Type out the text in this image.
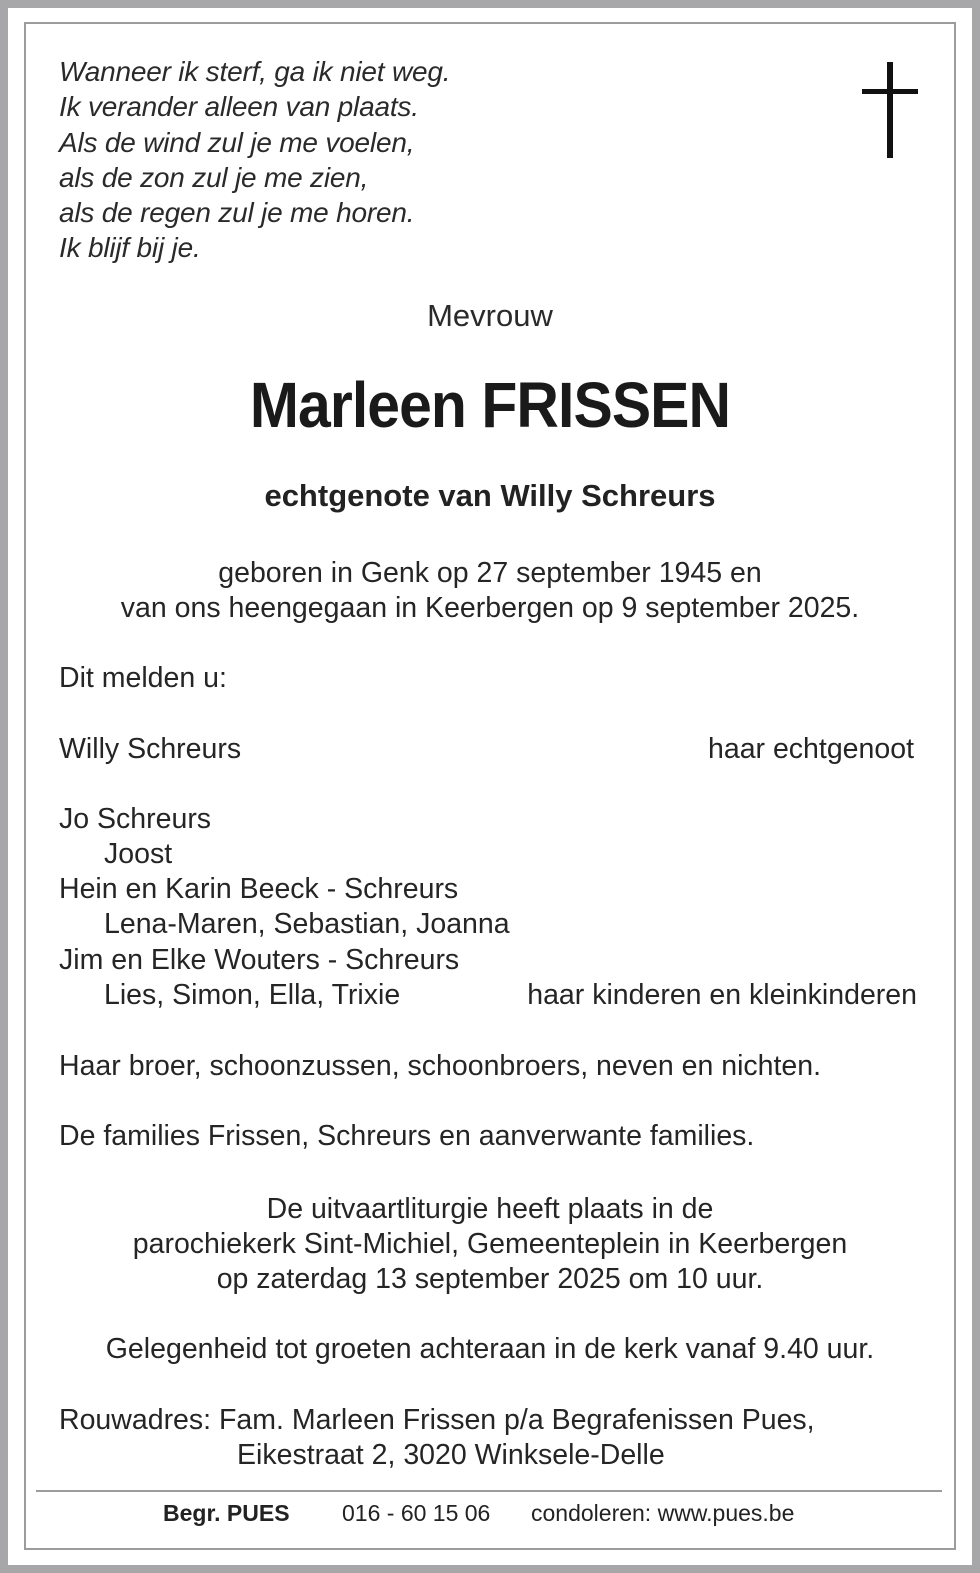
Wanneer ik sterf, ga ik niet weg.
Ik verander alleen van plaats.
Als de wind zul je me voelen,
als de zon zul je me zien,
als de regen zul je me horen.
Ik blijf bij je.
Mevrouw
Marleen FRISSEN
echtgenote van Willy Schreurs
geboren in Genk op 27 september 1945 en
van ons heengegaan in Keerbergen op 9 september 2025.
Dit melden u:
Willy Schreurs	haar echtgenoot
Jo Schreurs
Joost
Hein en Karin Beeck - Schreurs
Lena-Maren, Sebastian, Joanna
Jim en Elke Wouters - Schreurs
Lies, Simon, Ella, Trixie	haar kinderen en kleinkinderen
Haar broer, schoonzussen, schoonbroers, neven en nichten.
De families Frissen, Schreurs en aanverwante families.
De uitvaartliturgie heeft plaats in de
parochiekerk Sint-Michiel, Gemeenteplein in Keerbergen
op zaterdag 13 september 2025 om 10 uur.
Gelegenheid tot groeten achteraan in de kerk vanaf 9.40 uur.
Rouwadres: Fam. Marleen Frissen p/a Begrafenissen Pues,
Eikestraat 2, 3020 Winksele-Delle
Begr. PUES 016 - 60 15 06 condoleren: www.pues.be
